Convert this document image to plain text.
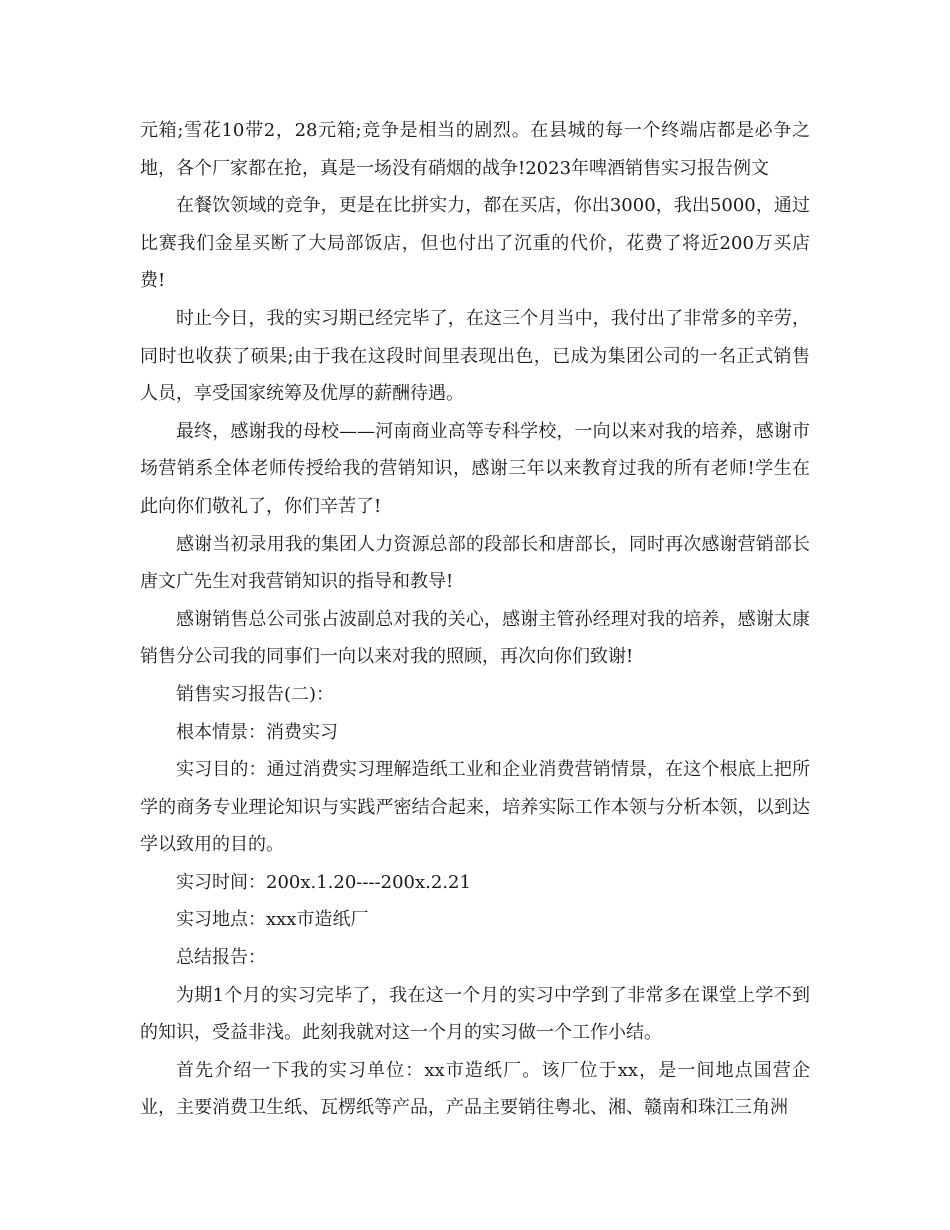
元箱;雪花10带2，28元箱;竞争是相当的剧烈。在县城的每一个终端店都是必争之地，各个厂家都在抢，真是一场没有硝烟的战争!2023年啤酒销售实习报告例文

在餐饮领域的竞争，更是在比拼实力，都在买店，你出3000，我出5000，通过比赛我们金星买断了大局部饭店，但也付出了沉重的代价，花费了将近200万买店费!

时止今日，我的实习期已经完毕了，在这三个月当中，我付出了非常多的辛劳，同时也收获了硕果;由于我在这段时间里表现出色，已成为集团公司的一名正式销售人员，享受国家统筹及优厚的薪酬待遇。

最终，感谢我的母校——河南商业高等专科学校，一向以来对我的培养，感谢市场营销系全体老师传授给我的营销知识，感谢三年以来教育过我的所有老师!学生在此向你们敬礼了，你们辛苦了!

感谢当初录用我的集团人力资源总部的段部长和唐部长，同时再次感谢营销部长唐文广先生对我营销知识的指导和教导!

感谢销售总公司张占波副总对我的关心，感谢主管孙经理对我的培养，感谢太康销售分公司我的同事们一向以来对我的照顾，再次向你们致谢!

销售实习报告(二)：

根本情景：消费实习

实习目的：通过消费实习理解造纸工业和企业消费营销情景，在这个根底上把所学的商务专业理论知识与实践严密结合起来，培养实际工作本领与分析本领，以到达学以致用的目的。

实习时间：200x.1.20----200x.2.21

实习地点：xxx市造纸厂

总结报告：

为期1个月的实习完毕了，我在这一个月的实习中学到了非常多在课堂上学不到的知识，受益非浅。此刻我就对这一个月的实习做一个工作小结。

首先介绍一下我的实习单位：xx市造纸厂。该厂位于xx，是一间地点国营企业，主要消费卫生纸、瓦楞纸等产品，产品主要销往粤北、湘、赣南和珠江三角洲
